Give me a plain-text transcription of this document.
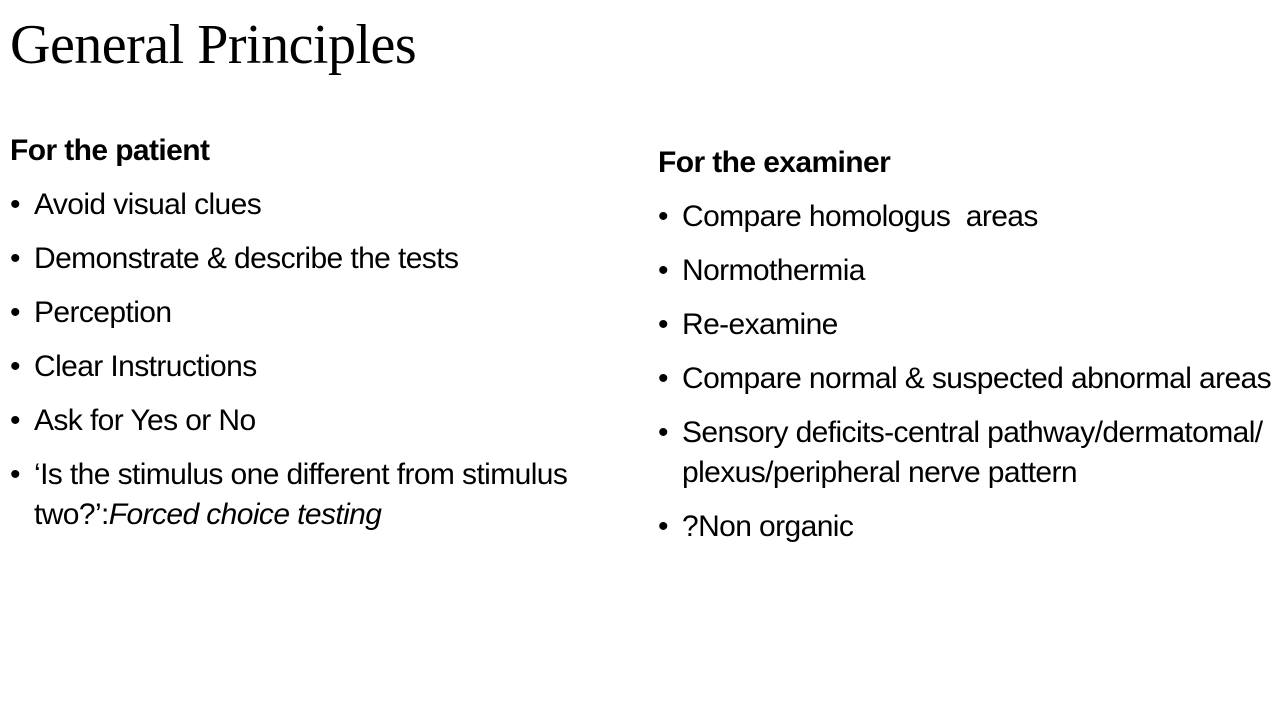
General Principles
For the patient
• Avoid visual clues
• Demonstrate & describe the tests
• Perception
• Clear Instructions
• Ask for Yes or No
• ‘Is the stimulus one different from stimulus two?’:Forced choice testing
For the examiner
• Compare homologus  areas
• Normothermia
• Re-examine
• Compare normal & suspected abnormal areas
• Sensory deficits-central pathway/dermatomal/plexus/peripheral nerve pattern
• ?Non organic
